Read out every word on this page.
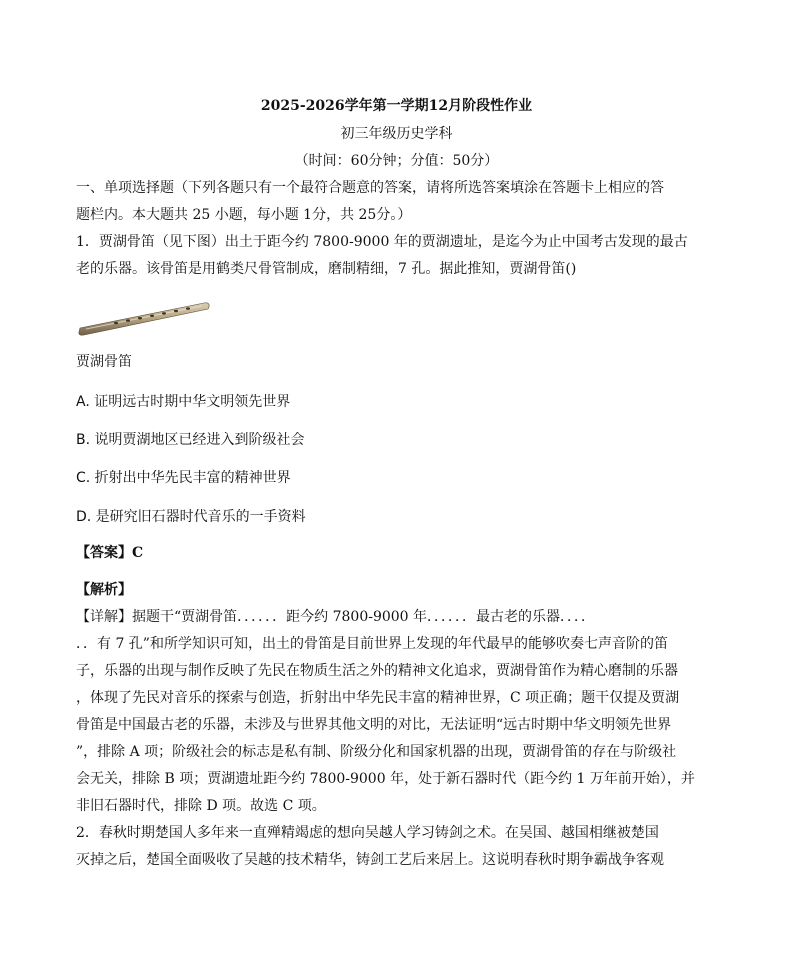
2025-2026学年第一学期12月阶段性作业
初三年级历史学科
（时间：60分钟；分值：50分）
一、单项选择题（下列各题只有一个最符合题意的答案，请将所选答案填涂在答题卡上相应的答
题栏内。本大题共 25 小题，每小题 1分，共 25分。）
1．贾湖骨笛（见下图）出土于距今约 7800-9000 年的贾湖遗址，是迄今为止中国考古发现的最古
老的乐器。该骨笛是用鹤类尺骨管制成，磨制精细，7 孔。据此推知，贾湖骨笛()
贾湖骨笛
A. 证明远古时期中华文明领先世界
B. 说明贾湖地区已经进入到阶级社会
C. 折射出中华先民丰富的精神世界
D. 是研究旧石器时代音乐的一手资料
【答案】C
【解析】
【详解】据题干“贾湖骨笛．．．．．．距今约 7800-9000 年．．．．．．最古老的乐器．．．．
．．有 7 孔”和所学知识可知，出土的骨笛是目前世界上发现的年代最早的能够吹奏七声音阶的笛
子，乐器的出现与制作反映了先民在物质生活之外的精神文化追求，贾湖骨笛作为精心磨制的乐器
，体现了先民对音乐的探索与创造，折射出中华先民丰富的精神世界，C 项正确；题干仅提及贾湖
骨笛是中国最古老的乐器，未涉及与世界其他文明的对比，无法证明“远古时期中华文明领先世界
”，排除 A 项；阶级社会的标志是私有制、阶级分化和国家机器的出现，贾湖骨笛的存在与阶级社
会无关，排除 B 项；贾湖遗址距今约 7800-9000 年，处于新石器时代（距今约 1 万年前开始），并
非旧石器时代，排除 D 项。故选 C 项。
2．春秋时期楚国人多年来一直殚精竭虑的想向吴越人学习铸剑之术。在吴国、越国相继被楚国
灭掉之后，楚国全面吸收了吴越的技术精华，铸剑工艺后来居上。这说明春秋时期争霸战争客观
